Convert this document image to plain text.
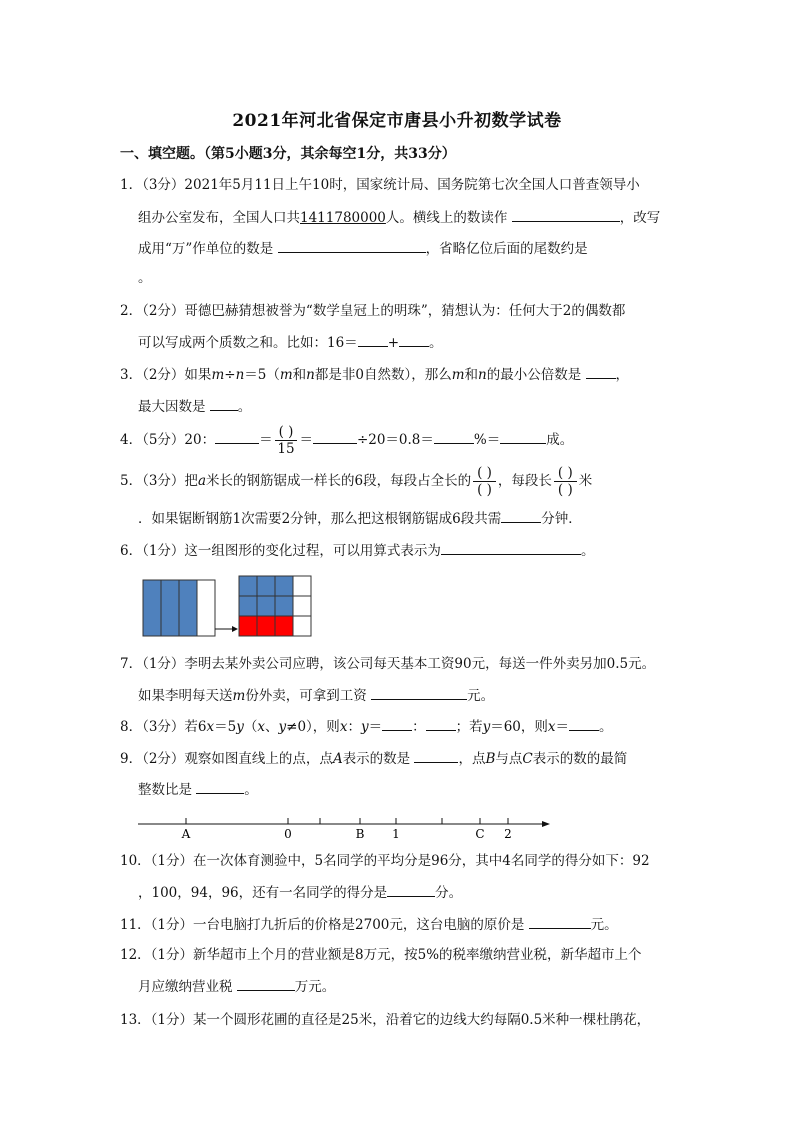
2021年河北省保定市唐县小升初数学试卷
一、填空题。（第5小题3分，其余每空1分，共33分）
1．（3分）2021年5月11日上午10时，国家统计局、国务院第七次全国人口普查领导小
组办公室发布，全国人口共1411780000人。横线上的数读作	，改写
成用“万”作单位的数是	，省略亿位后面的尾数约是
。
2．（2分）哥德巴赫猜想被誉为“数学皇冠上的明珠”，猜想认为：任何大于2的偶数都
可以写成两个质数之和。比如：16＝ + 。
3．（2分）如果m÷n＝5（m和n都是非0自然数），那么m和n的最小公倍数是	，
最大因数是 。
4．（5分）20：	＝ $\frac{( )}{15}$ ＝	÷20＝0.8＝	%＝	成。
5．（3分）把a米长的钢筋锯成一样长的6段，每段占全长的 $\frac{( )}{( )}$ ，每段长 $\frac{( )}{( )}$ 米
．如果锯断钢筋1次需要2分钟，那么把这根钢筋锯成6段共需	分钟．
6．（1分）这一组图形的变化过程，可以用算式表示为	。
7．（1分）李明去某外卖公司应聘，该公司每天基本工资90元，每送一件外卖另加0.5元。
如果李明每天送m份外卖，可拿到工资	元。
8．（3分）若6x＝5y（x、y≠0），则x：y＝ ： ；若y＝60，则x＝ 。
9．（2分）观察如图直线上的点，点A表示的数是	，点B与点C表示的数的最简
整数比是	。
A	0	B 1	C 2
10．（1分）在一次体育测验中，5名同学的平均分是96分，其中4名同学的得分如下：92
，100，94，96，还有一名同学的得分是	分。
11．（1分）一台电脑打九折后的价格是2700元，这台电脑的原价是	元。
12．（1分）新华超市上个月的营业额是8万元，按5%的税率缴纳营业税，新华超市上个
月应缴纳营业税	万元。
13．（1分）某一个圆形花圃的直径是25米，沿着它的边线大约每隔0.5米种一棵杜鹃花，
